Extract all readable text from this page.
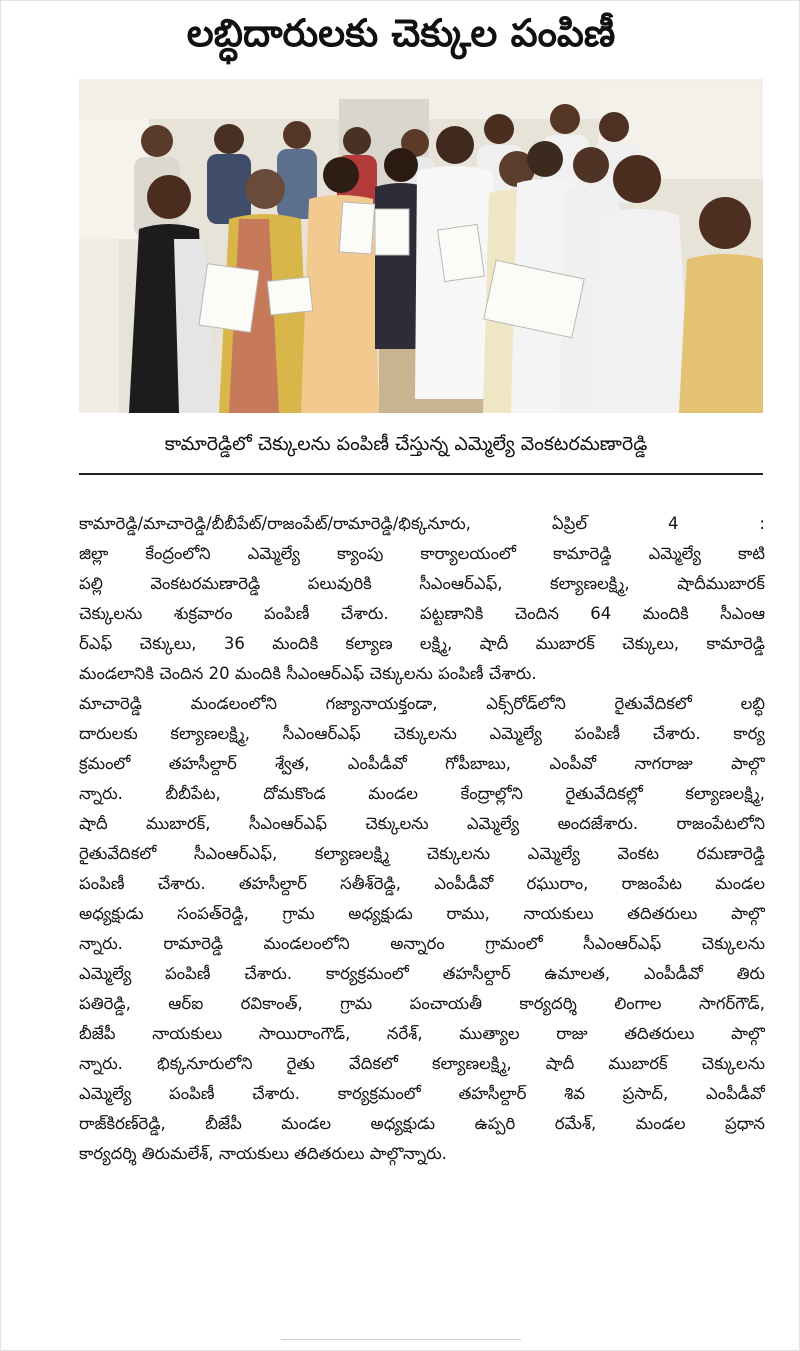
లబ్ధిదారులకు చెక్కుల పంపిణీ
కామారెడ్డిలో చెక్కులను పంపిణీ చేస్తున్న ఎమ్మెల్యే వెంకటరమణారెడ్డి
కామారెడ్డి/మాచారెడ్డి/బీబీపేట్/రాజంపేట్/రామారెడ్డి/భిక్కనూరు, ఏప్రిల్ 4 :
జిల్లా కేంద్రంలోని ఎమ్మెల్యే క్యాంపు కార్యాలయంలో కామారెడ్డి ఎమ్మెల్యే కాటి
పల్లి వెంకటరమణారెడ్డి పలువురికి సీఎంఆర్ఎఫ్, కల్యాణలక్ష్మి, షాదీముబారక్
చెక్కులను శుక్రవారం పంపిణీ చేశారు. పట్టణానికి చెందిన 64 మందికి సీఎంఆ
ర్ఎఫ్ చెక్కులు, 36 మందికి కల్యాణ లక్ష్మి, షాదీ ముబారక్ చెక్కులు, కామారెడ్డి
మండలానికి చెందిన 20 మందికి సీఎంఆర్ఎఫ్ చెక్కులను పంపిణీ చేశారు.
మాచారెడ్డి మండలంలోని గజ్యానాయక్తండా, ఎక్స్‌రోడ్‌లోని రైతువేదికలో లబ్ధి
దారులకు కల్యాణలక్ష్మి, సీఎంఆర్ఎఫ్ చెక్కులను ఎమ్మెల్యే పంపిణీ చేశారు. కార్య
క్రమంలో తహసీల్దార్ శ్వేత, ఎంపీడీవో గోపీబాబు, ఎంపీవో నాగరాజు పాల్గొ
న్నారు. బీబీపేట, దోమకొండ మండల కేంద్రాల్లోని రైతువేదికల్లో కల్యాణలక్ష్మి,
షాదీ ముబారక్, సీఎంఆర్ఎఫ్ చెక్కులను ఎమ్మెల్యే అందజేశారు. రాజంపేటలోని
రైతువేదికలో సీఎంఆర్ఎఫ్, కల్యాణలక్ష్మి చెక్కులను ఎమ్మెల్యే వెంకట రమణారెడ్డి
పంపిణీ చేశారు. తహసీల్దార్ సతీశ్‌రెడ్డి, ఎంపీడీవో రఘురాం, రాజంపేట మండల
అధ్యక్షుడు సంపత్‌రెడ్డి, గ్రామ అధ్యక్షుడు రాము, నాయకులు తదితరులు పాల్గొ
న్నారు. రామారెడ్డి మండలంలోని అన్నారం గ్రామంలో సీఎంఆర్ఎఫ్ చెక్కులను
ఎమ్మెల్యే పంపిణీ చేశారు. కార్యక్రమంలో తహసీల్దార్ ఉమాలత, ఎంపీడీవో తిరు
పతిరెడ్డి, ఆర్ఐ రవికాంత్, గ్రామ పంచాయతీ కార్యదర్శి లింగాల సాగర్‌గౌడ్,
బీజేపీ నాయకులు సాయిరాంగౌడ్, నరేశ్, ముత్యాల రాజు తదితరులు పాల్గొ
న్నారు. భిక్కనూరులోని రైతు వేదికలో కల్యాణలక్ష్మి, షాదీ ముబారక్ చెక్కులను
ఎమ్మెల్యే పంపిణీ చేశారు. కార్యక్రమంలో తహసీల్దార్ శివ ప్రసాద్, ఎంపీడీవో
రాజ్‌కిరణ్‌రెడ్డి, బీజేపీ మండల అధ్యక్షుడు ఉప్పరి రమేశ్, మండల ప్రధాన
కార్యదర్శి తిరుమలేశ్, నాయకులు తదితరులు పాల్గొన్నారు.
